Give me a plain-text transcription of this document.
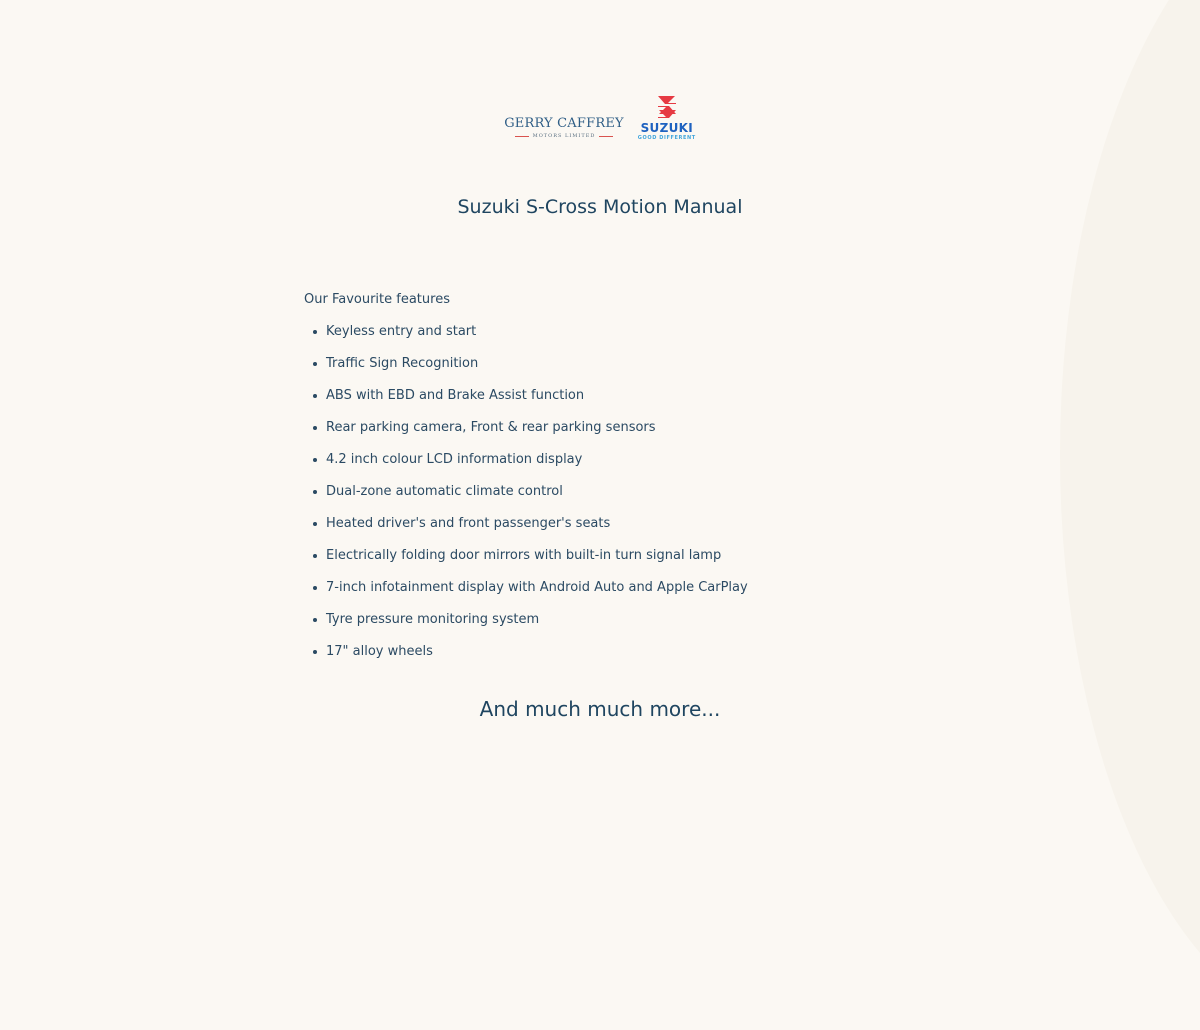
GERRY CAFFREY
MOTORS LIMITED
SUZUKI
GOOD DIFFERENT
Suzuki S-Cross Motion Manual

Our Favourite features

Keyless entry and start
Traffic Sign Recognition
ABS with EBD and Brake Assist function
Rear parking camera, Front & rear parking sensors
4.2 inch colour LCD information display
Dual-zone automatic climate control
Heated driver's and front passenger's seats
Electrically folding door mirrors with built-in turn signal lamp
7-inch infotainment display with Android Auto and Apple CarPlay
Tyre pressure monitoring system
17" alloy wheels
And much much more...
